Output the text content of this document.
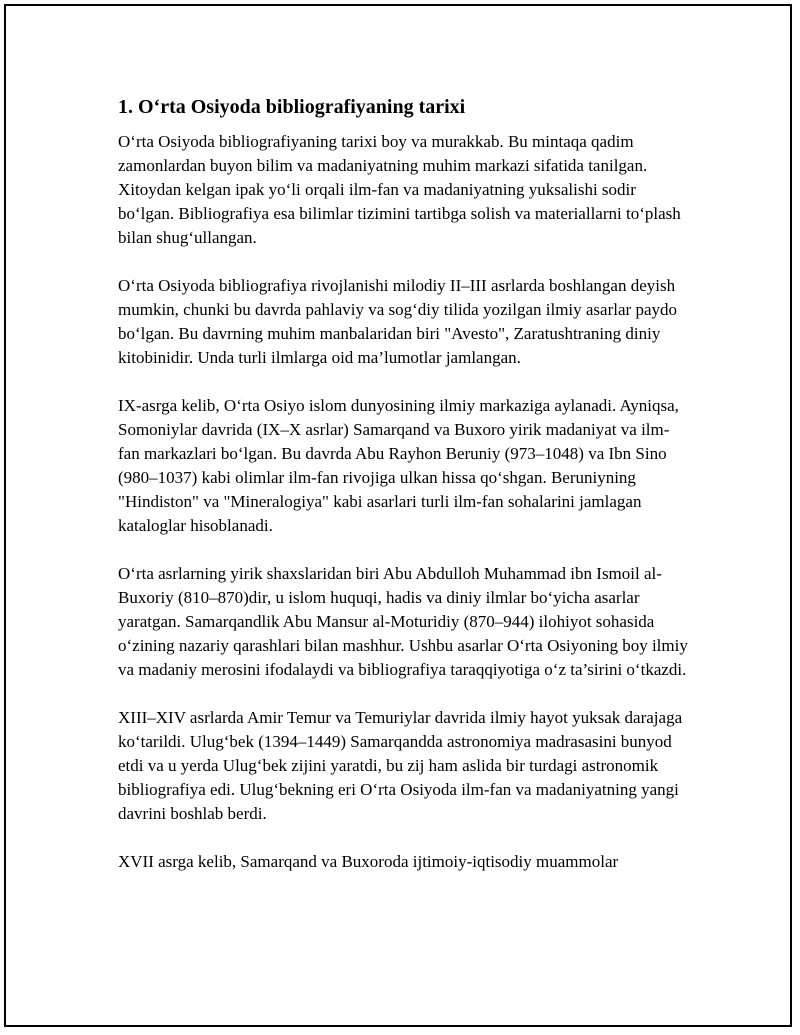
1. O‘rta Osiyoda bibliografiyaning tarixi

O‘rta Osiyoda bibliografiyaning tarixi boy va murakkab. Bu mintaqa qadim zamonlardan buyon bilim va madaniyatning muhim markazi sifatida tanilgan. Xitoydan kelgan ipak yo‘li orqali ilm-fan va madaniyatning yuksalishi sodir bo‘lgan. Bibliografiya esa bilimlar tizimini tartibga solish va materiallarni to‘plash bilan shug‘ullangan.

O‘rta Osiyoda bibliografiya rivojlanishi milodiy II–III asrlarda boshlangan deyish mumkin, chunki bu davrda pahlaviy va sog‘diy tilida yozilgan ilmiy asarlar paydo bo‘lgan. Bu davrning muhim manbalaridan biri "Avesto", Zaratushtraning diniy kitobinidir. Unda turli ilmlarga oid ma’lumotlar jamlangan.

IX-asrga kelib, O‘rta Osiyo islom dunyosining ilmiy markaziga aylanadi. Ayniqsa, Somoniylar davrida (IX–X asrlar) Samarqand va Buxoro yirik madaniyat va ilm-fan markazlari bo‘lgan. Bu davrda Abu Rayhon Beruniy (973–1048) va Ibn Sino (980–1037) kabi olimlar ilm-fan rivojiga ulkan hissa qo‘shgan. Beruniyning "Hindiston" va "Mineralogiya" kabi asarlari turli ilm-fan sohalarini jamlagan kataloglar hisoblanadi.

O‘rta asrlarning yirik shaxslaridan biri Abu Abdulloh Muhammad ibn Ismoil al-Buxoriy (810–870)dir, u islom huquqi, hadis va diniy ilmlar bo‘yicha asarlar yaratgan. Samarqandlik Abu Mansur al-Moturidiy (870–944) ilohiyot sohasida o‘zining nazariy qarashlari bilan mashhur. Ushbu asarlar O‘rta Osiyoning boy ilmiy va madaniy merosini ifodalaydi va bibliografiya taraqqiyotiga o‘z ta’sirini o‘tkazdi.

XIII–XIV asrlarda Amir Temur va Temuriylar davrida ilmiy hayot yuksak darajaga ko‘tarildi. Ulug‘bek (1394–1449) Samarqandda astronomiya madrasasini bunyod etdi va u yerda Ulug‘bek zijini yaratdi, bu zij ham aslida bir turdagi astronomik bibliografiya edi. Ulug‘bekning eri O‘rta Osiyoda ilm-fan va madaniyatning yangi davrini boshlab berdi.

XVII asrga kelib, Samarqand va Buxoroda ijtimoiy-iqtisodiy muammolar
